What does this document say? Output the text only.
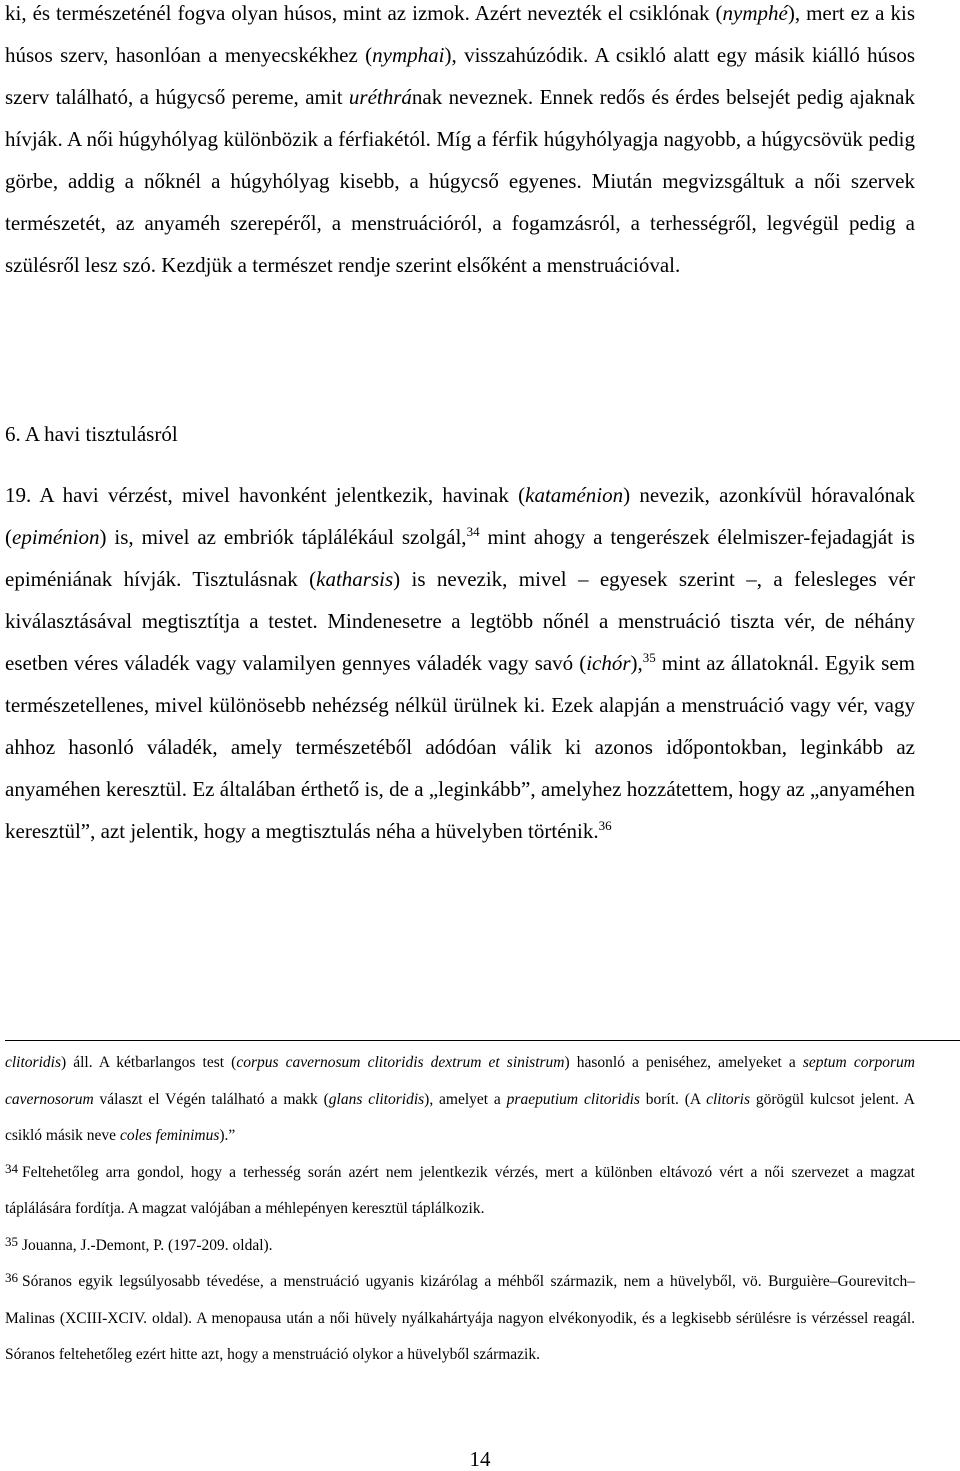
ki, és természeténél fogva olyan húsos, mint az izmok. Azért nevezték el csiklónak (nymphé), mert ez a kis húsos szerv, hasonlóan a menyecskékhez (nymphai), visszahúzódik. A csikló alatt egy másik kiálló húsos szerv található, a húgycső pereme, amit uréthrának neveznek. Ennek redős és érdes belsejét pedig ajaknak hívják. A női húgyhólyag különbözik a férfiakétól. Míg a férfik húgyhólyagja nagyobb, a húgycsövük pedig görbe, addig a nőknél a húgyhólyag kisebb, a húgycső egyenes. Miután megvizsgáltuk a női szervek természetét, az anyaméh szerepéről, a menstruációról, a fogamzásról, a terhességről, legvégül pedig a szülésről lesz szó. Kezdjük a természet rendje szerint elsőként a menstruációval.

6. A havi tisztulásról

19. A havi vérzést, mivel havonként jelentkezik, havinak (kataménion) nevezik, azonkívül hóravalónak (epiménion) is, mivel az embriók táplálékául szolgál,$^{34}$ mint ahogy a tengerészek élelmiszer-fejadagját is epiméniának hívják. Tisztulásnak (katharsis) is nevezik, mivel – egyesek szerint –, a felesleges vér kiválasztásával megtisztítja a testet. Mindenesetre a legtöbb nőnél a menstruáció tiszta vér, de néhány esetben véres váladék vagy valamilyen gennyes váladék vagy savó (ichór),$^{35}$ mint az állatoknál. Egyik sem természetellenes, mivel különösebb nehézség nélkül ürülnek ki. Ezek alapján a menstruáció vagy vér, vagy ahhoz hasonló váladék, amely természetéből adódóan válik ki azonos időpontokban, leginkább az anyaméhen keresztül. Ez általában érthető is, de a „leginkább”, amelyhez hozzátettem, hogy az „anyaméhen keresztül”, azt jelentik, hogy a megtisztulás néha a hüvelyben történik.$^{36}$

clitoridis) áll. A kétbarlangos test (corpus cavernosum clitoridis dextrum et sinistrum) hasonló a peniséhez, amelyeket a septum corporum cavernosorum választ el Végén található a makk (glans clitoridis), amelyet a praeputium clitoridis borít. (A clitoris görögül kulcsot jelent. A csikló másik neve coles feminimus).”

$^{34}$ Feltehetőleg arra gondol, hogy a terhesség során azért nem jelentkezik vérzés, mert a különben eltávozó vért a női szervezet a magzat táplálására fordítja. A magzat valójában a méhlepényen keresztül táplálkozik.

$^{35}$ Jouanna, J.-Demont, P. (197-209. oldal).

$^{36}$ Sóranos egyik legsúlyosabb tévedése, a menstruáció ugyanis kizárólag a méhből származik, nem a hüvelyből, vö. Burguière–Gourevitch–Malinas (XCIII-XCIV. oldal). A menopausa után a női hüvely nyálkahártyája nagyon elvékonyodik, és a legkisebb sérülésre is vérzéssel reagál. Sóranos feltehetőleg ezért hitte azt, hogy a menstruáció olykor a hüvelyből származik.

14
